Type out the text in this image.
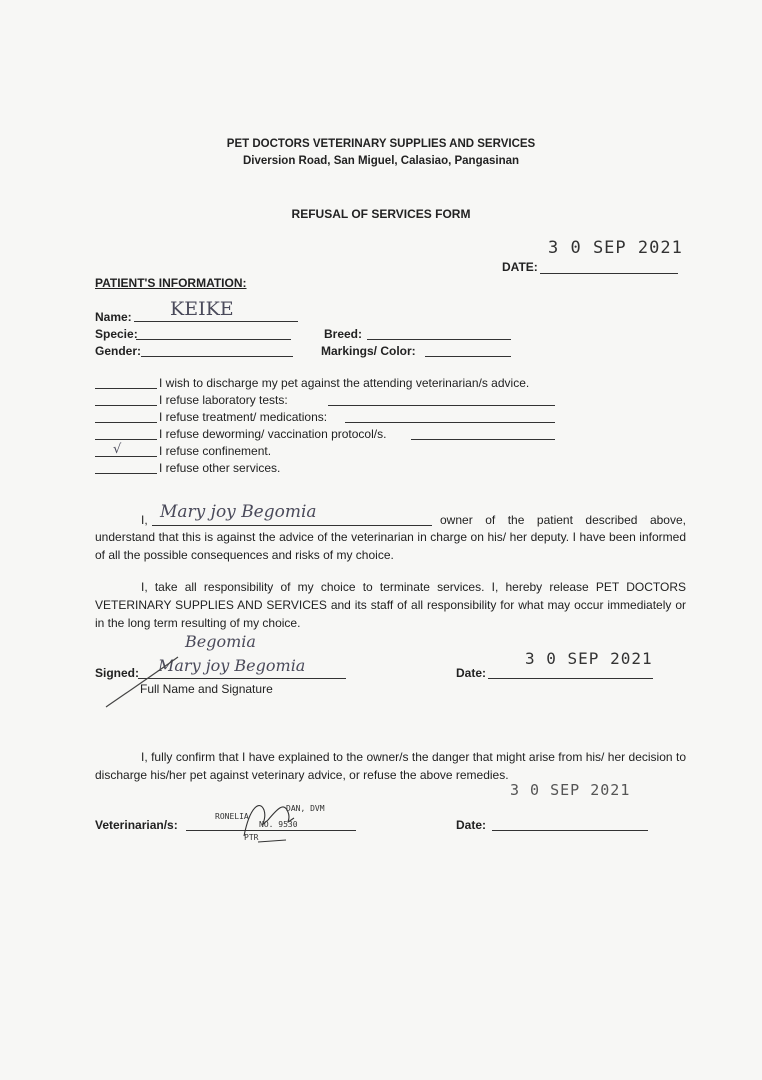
PET DOCTORS VETERINARY SUPPLIES AND SERVICES
Diversion Road, San Miguel, Calasiao, Pangasinan
REFUSAL OF SERVICES FORM
3 0 SEP 2021
DATE:
PATIENT'S INFORMATION:
Name: KEIKE
Specie:	Breed:
Gender:	Markings/ Color:
I wish to discharge my pet against the attending veterinarian/s advice.
I refuse laboratory tests:
I refuse treatment/ medications:
I refuse deworming/ vaccination protocol/s.
√	I refuse confinement.
I refuse other services.
I, Mary joy Begomia	owner of the patient described above,
understand that this is against the advice of the veterinarian in charge on his/ her deputy. I have been informed of all the possible consequences and risks of my choice.
I, take all responsibility of my choice to terminate services. I, hereby release PET DOCTORS VETERINARY SUPPLIES AND SERVICES and its staff of all responsibility for what may occur immediately or in the long term resulting of my choice.
Begomia
Signed: Mary joy Begomia
Full Name and Signature
3 0 SEP 2021
Date:
I, fully confirm that I have explained to the owner/s the danger that might arise from his/ her decision to discharge his/her pet against veterinary advice, or refuse the above remedies.
3 0 SEP 2021
Veterinarian/s:
RONELIA
DAN, DVM
NO. 9530
PTR
Date:
